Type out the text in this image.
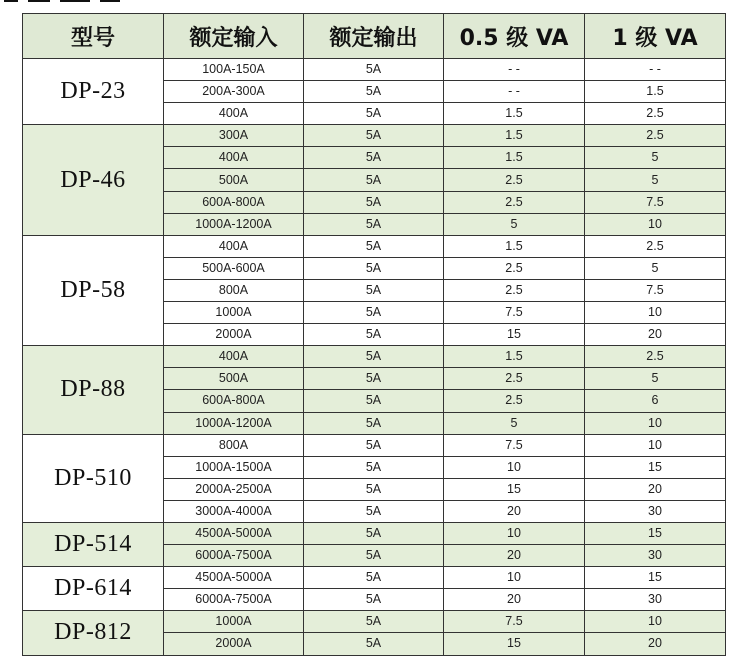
型号	额定输入	额定输出	0.5 级 VA	1 级 VA
DP-23	100A-150A	5A	- -	- -
	200A-300A	5A	- -	1.5
	400A	5A	1.5	2.5
DP-46	300A	5A	1.5	2.5
	400A	5A	1.5	5
	500A	5A	2.5	5
	600A-800A	5A	2.5	7.5
	1000A-1200A	5A	5	10
DP-58	400A	5A	1.5	2.5
	500A-600A	5A	2.5	5
	800A	5A	2.5	7.5
	1000A	5A	7.5	10
	2000A	5A	15	20
DP-88	400A	5A	1.5	2.5
	500A	5A	2.5	5
	600A-800A	5A	2.5	6
	1000A-1200A	5A	5	10
DP-510	800A	5A	7.5	10
	1000A-1500A	5A	10	15
	2000A-2500A	5A	15	20
	3000A-4000A	5A	20	30
DP-514	4500A-5000A	5A	10	15
	6000A-7500A	5A	20	30
DP-614	4500A-5000A	5A	10	15
	6000A-7500A	5A	20	30
DP-812	1000A	5A	7.5	10
	2000A	5A	15	20
